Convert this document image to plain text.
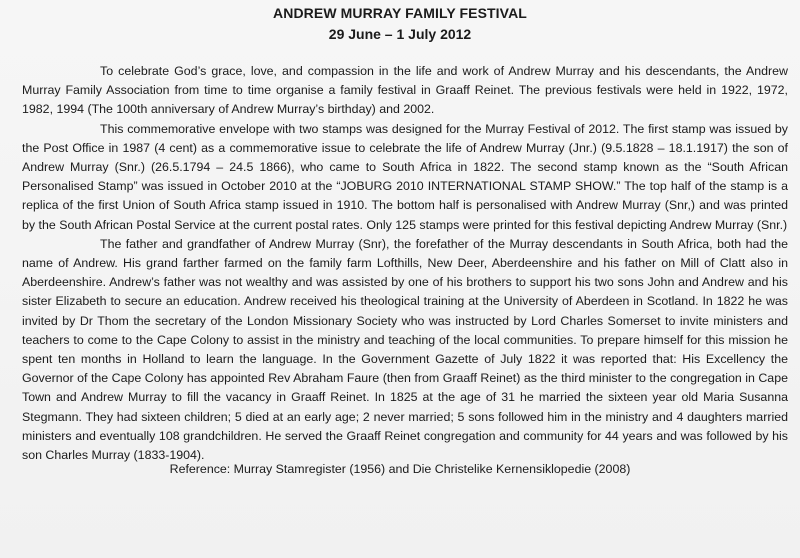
ANDREW MURRAY FAMILY FESTIVAL
29 June – 1 July 2012

To celebrate God’s grace, love, and compassion in the life and work of Andrew Murray and his descendants, the Andrew Murray Family Association from time to time organise a family festival in Graaff Reinet. The previous festivals were held in 1922, 1972, 1982, 1994 (The 100th anniversary of Andrew Murray’s birthday) and 2002.

This commemorative envelope with two stamps was designed for the Murray Festival of 2012. The first stamp was issued by the Post Office in 1987 (4 cent) as a commemorative issue to celebrate the life of Andrew Murray (Jnr.) (9.5.1828 – 18.1.1917) the son of Andrew Murray (Snr.) (26.5.1794 – 24.5 1866), who came to South Africa in 1822. The second stamp known as the “South African Personalised Stamp” was issued in October 2010 at the “JOBURG 2010 INTERNATIONAL STAMP SHOW.” The top half of the stamp is a replica of the first Union of South Africa stamp issued in 1910. The bottom half is personalised with Andrew Murray (Snr,) and was printed by the South African Postal Service at the current postal rates. Only 125 stamps were printed for this festival depicting Andrew Murray (Snr.)

The father and grandfather of Andrew Murray (Snr), the forefather of the Murray descendants in South Africa, both had the name of Andrew. His grand farther farmed on the family farm Lofthills, New Deer, Aberdeenshire and his father on Mill of Clatt also in Aberdeenshire. Andrew’s father was not wealthy and was assisted by one of his brothers to support his two sons John and Andrew and his sister Elizabeth to secure an education. Andrew received his theological training at the University of Aberdeen in Scotland. In 1822 he was invited by Dr Thom the secretary of the London Missionary Society who was instructed by Lord Charles Somerset to invite ministers and teachers to come to the Cape Colony to assist in the ministry and teaching of the local communities. To prepare himself for this mission he spent ten months in Holland to learn the language. In the Government Gazette of July 1822 it was reported that: His Excellency the Governor of the Cape Colony has appointed Rev Abraham Faure (then from Graaff Reinet) as the third minister to the congregation in Cape Town and Andrew Murray to fill the vacancy in Graaff Reinet. In 1825 at the age of 31 he married the sixteen year old Maria Susanna Stegmann. They had sixteen children; 5 died at an early age; 2 never married; 5 sons followed him in the ministry and 4 daughters married ministers and eventually 108 grandchildren. He served the Graaff Reinet congregation and community for 44 years and was followed by his son Charles Murray (1833-1904).

Reference: Murray Stamregister (1956) and Die Christelike Kernensiklopedie (2008)
